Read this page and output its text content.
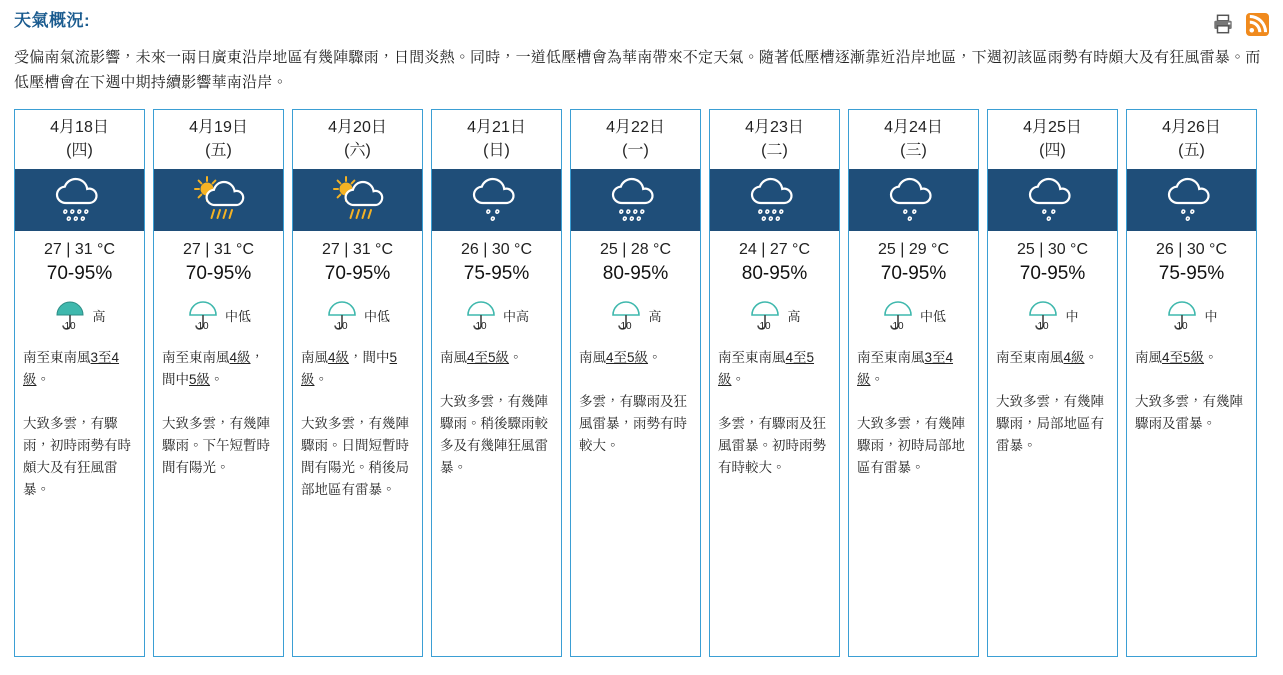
天氣概況:

受偏南氣流影響，未來一兩日廣東沿岸地區有幾陣驟雨，日間炎熱。同時，一道低壓槽會為華南帶來不定天氣。隨著低壓槽逐漸靠近沿岸地區，下週初該區雨勢有時頗大及有狂風雷暴。而低壓槽會在下週中期持續影響華南沿岸。

4月18日
(四)
27 | 31 °C
70-95%
10
高
南至東南風3至4級。
大致多雲，有驟雨，初時雨勢有時頗大及有狂風雷暴。
4月19日
(五)
27 | 31 °C
70-95%
10
中低
南至東南風4級，間中5級。
大致多雲，有幾陣驟雨。下午短暫時間有陽光。
4月20日
(六)
27 | 31 °C
70-95%
10
中低
南風4級，間中5級。
大致多雲，有幾陣驟雨。日間短暫時間有陽光。稍後局部地區有雷暴。
4月21日
(日)
26 | 30 °C
75-95%
10
中高
南風4至5級。
大致多雲，有幾陣驟雨。稍後驟雨較多及有幾陣狂風雷暴。
4月22日
(一)
25 | 28 °C
80-95%
10
高
南風4至5級。
多雲，有驟雨及狂風雷暴，雨勢有時較大。
4月23日
(二)
24 | 27 °C
80-95%
10
高
南至東南風4至5級。
多雲，有驟雨及狂風雷暴。初時雨勢有時較大。
4月24日
(三)
25 | 29 °C
70-95%
10
中低
南至東南風3至4級。
大致多雲，有幾陣驟雨，初時局部地區有雷暴。
4月25日
(四)
25 | 30 °C
70-95%
10
中
南至東南風4級。
大致多雲，有幾陣驟雨，局部地區有雷暴。
4月26日
(五)
26 | 30 °C
75-95%
10
中
南風4至5級。
大致多雲，有幾陣驟雨及雷暴。
